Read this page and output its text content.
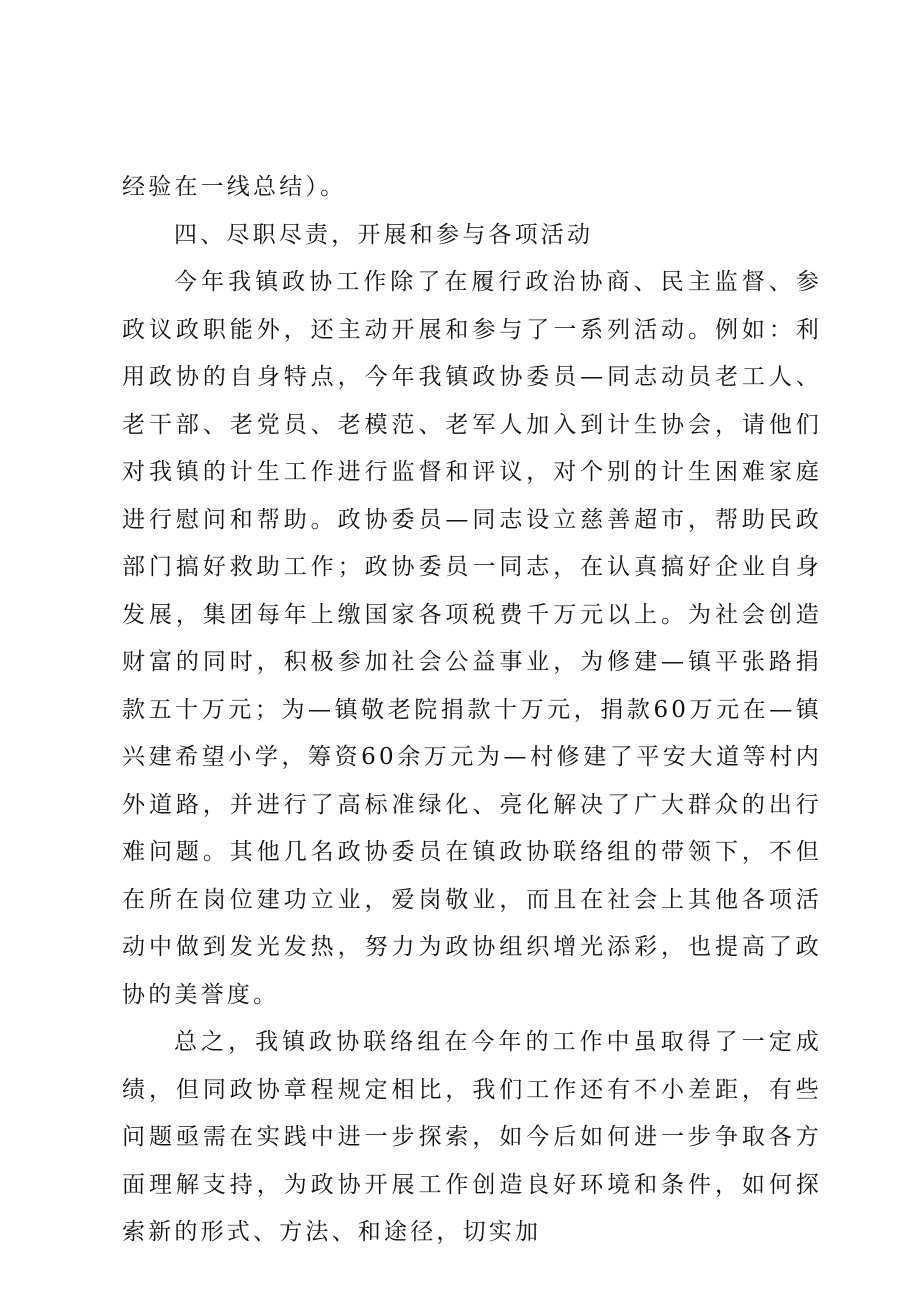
经验在一线总结）。

四、尽职尽责，开展和参与各项活动

今年我镇政协工作除了在履行政治协商、民主监督、参政议政职能外，还主动开展和参与了一系列活动。例如：利用政协的自身特点，今年我镇政协委员—同志动员老工人、老干部、老党员、老模范、老军人加入到计生协会，请他们对我镇的计生工作进行监督和评议，对个别的计生困难家庭进行慰问和帮助。政协委员—同志设立慈善超市，帮助民政部门搞好救助工作；政协委员一同志，在认真搞好企业自身发展，集团每年上缴国家各项税费千万元以上。为社会创造财富的同时，积极参加社会公益事业，为修建—镇平张路捐款五十万元；为—镇敬老院捐款十万元，捐款60万元在—镇兴建希望小学，筹资60余万元为—村修建了平安大道等村内外道路，并进行了高标准绿化、亮化解决了广大群众的出行难问题。其他几名政协委员在镇政协联络组的带领下，不但在所在岗位建功立业，爱岗敬业，而且在社会上其他各项活动中做到发光发热，努力为政协组织增光添彩，也提高了政协的美誉度。

总之，我镇政协联络组在今年的工作中虽取得了一定成绩，但同政协章程规定相比，我们工作还有不小差距，有些问题亟需在实践中进一步探索，如今后如何进一步争取各方面理解支持，为政协开展工作创造良好环境和条件，如何探索新的形式、方法、和途径，切实加
